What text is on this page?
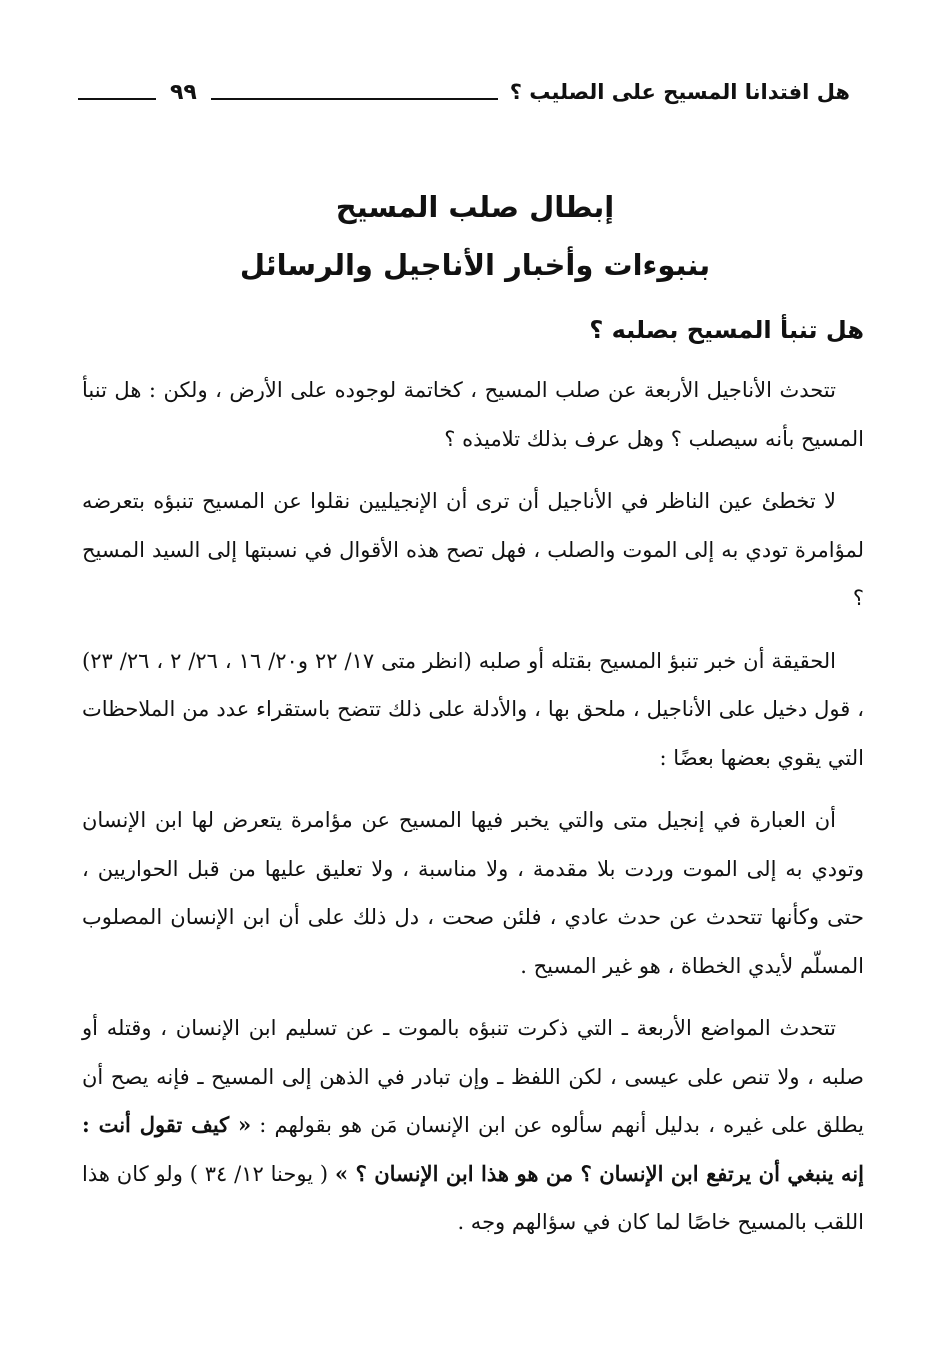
هل افتدانا المسيح على الصليب ؟
٩٩
إبطال صلب المسيح
بنبوءات وأخبار الأناجيل والرسائل
هل تنبأ المسيح بصلبه ؟

تتحدث الأناجيل الأربعة عن صلب المسيح ، كخاتمة لوجوده على الأرض ، ولكن : هل تنبأ المسيح بأنه سيصلب ؟ وهل عرف بذلك تلاميذه ؟

لا تخطئ عين الناظر في الأناجيل أن ترى أن الإنجيليين نقلوا عن المسيح تنبؤه بتعرضه لمؤامرة تودي به إلى الموت والصلب ، فهل تصح هذه الأقوال في نسبتها إلى السيد المسيح ؟

الحقيقة أن خبر تنبؤ المسيح بقتله أو صلبه (انظر متى ١٧/ ٢٢ و٢٠/ ١٦ ، ٢٦/ ٢ ، ٢٦/ ٢٣) ، قول دخيل على الأناجيل ، ملحق بها ، والأدلة على ذلك تتضح باستقراء عدد من الملاحظات التي يقوي بعضها بعضًا :

أن العبارة في إنجيل متى والتي يخبر فيها المسيح عن مؤامرة يتعرض لها ابن الإنسان وتودي به إلى الموت وردت بلا مقدمة ، ولا مناسبة ، ولا تعليق عليها من قبل الحواريين ، حتى وكأنها تتحدث عن حدث عادي ، فلئن صحت ، دل ذلك على أن ابن الإنسان المصلوب المسلّم لأيدي الخطاة ، هو غير المسيح .

تتحدث المواضع الأربعة ـ التي ذكرت تنبؤه بالموت ـ عن تسليم ابن الإنسان ، وقتله أو صلبه ، ولا تنص على عيسى ، لكن اللفظ ـ وإن تبادر في الذهن إلى المسيح ـ فإنه يصح أن يطلق على غيره ، بدليل أنهم سألوه عن ابن الإنسان مَن هو بقولهم : « كيف تقول أنت : إنه ينبغي أن يرتفع ابن الإنسان ؟ من هو هذا ابن الإنسان ؟ » ( يوحنا ١٢/ ٣٤ ) ولو كان هذا اللقب بالمسيح خاصًا لما كان في سؤالهم وجه .
